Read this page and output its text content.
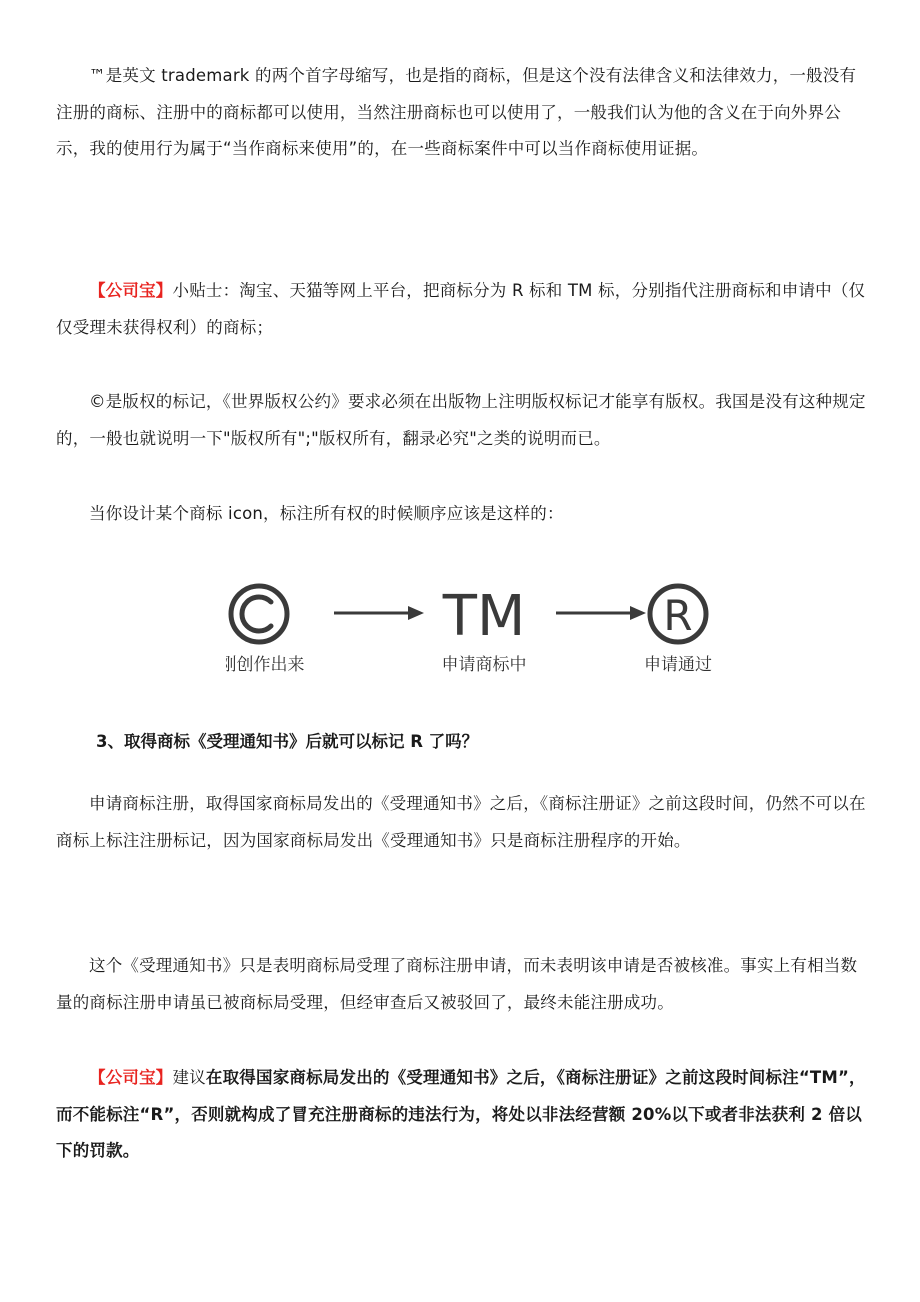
™是英文 trademark 的两个首字母缩写，也是指的商标，但是这个没有法律含义和法律效力，一般没有注册的商标、注册中的商标都可以使用，当然注册商标也可以使用了，一般我们认为他的含义在于向外界公示，我的使用行为属于“当作商标来使用”的，在一些商标案件中可以当作商标使用证据。

【公司宝】小贴士：淘宝、天猫等网上平台，把商标分为 R 标和 TM 标，分别指代注册商标和申请中（仅仅受理未获得权利）的商标；

©是版权的标记，《世界版权公约》要求必须在出版物上注明版权标记才能享有版权。我国是没有这种规定的，一般也就说明一下"版权所有";"版权所有，翻录必究"之类的说明而已。

当你设计某个商标 icon，标注所有权的时候顺序应该是这样的：

TM	R
刚创作出来	申请商标中	申请通过

3、取得商标《受理通知书》后就可以标记 R 了吗？

申请商标注册，取得国家商标局发出的《受理通知书》之后，《商标注册证》之前这段时间，仍然不可以在商标上标注注册标记，因为国家商标局发出《受理通知书》只是商标注册程序的开始。

这个《受理通知书》只是表明商标局受理了商标注册申请，而未表明该申请是否被核准。事实上有相当数量的商标注册申请虽已被商标局受理，但经审查后又被驳回了，最终未能注册成功。

【公司宝】建议在取得国家商标局发出的《受理通知书》之后，《商标注册证》之前这段时间标注“TM”，而不能标注“R”，否则就构成了冒充注册商标的违法行为，将处以非法经营额 20%以下或者非法获利 2 倍以下的罚款。
